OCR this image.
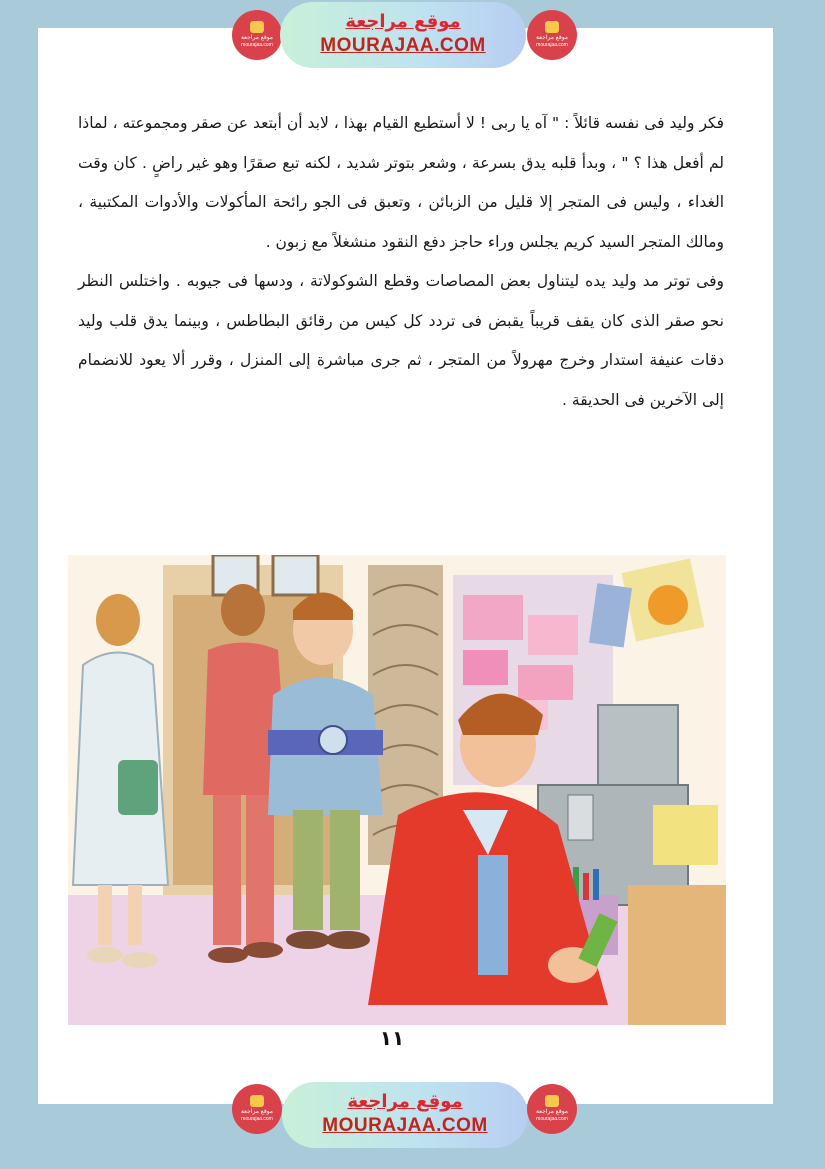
موقع مراجعة
mourajaa.com
موقع مراجعة
MOURAJAA.COM	موقع مراجعة
mourajaa.com

فكر وليد فى نفسه قائلاً : " آه يا ربى ! لا أستطيع القيام بهذا ، لابد أن أبتعد عن صقر ومجموعته ، لماذا لم أفعل هذا ؟ " ، وبدأ قلبه يدق بسرعة ، وشعر بتوتر شديد ، لكنه تبع صقرًا وهو غير راضٍ . كان وقت الغداء ، وليس فى المتجر إلا قليل من الزبائن ، وتعبق فى الجو رائحة المأكولات والأدوات المكتبية ، ومالك المتجر السيد كريم يجلس وراء حاجز دفع النقود منشغلاً مع زبون .

وفى توتر مد وليد يده ليتناول بعض المصاصات وقطع الشوكولاتة ، ودسها فى جيوبه . واختلس النظر نحو صقر الذى كان يقف قريباً يقبض فى تردد كل كيس من رقائق البطاطس ، وبينما يدق قلب وليد دقات عنيفة استدار وخرج مهرولاً من المتجر ، ثم جرى مباشرة إلى المنزل ، وقرر ألا يعود للانضمام إلى الآخرين فى الحديقة .

١١
موقع مراجعة
mourajaa.com
موقع مراجعة
MOURAJAA.COM
موقع مراجعة
mourajaa.com
